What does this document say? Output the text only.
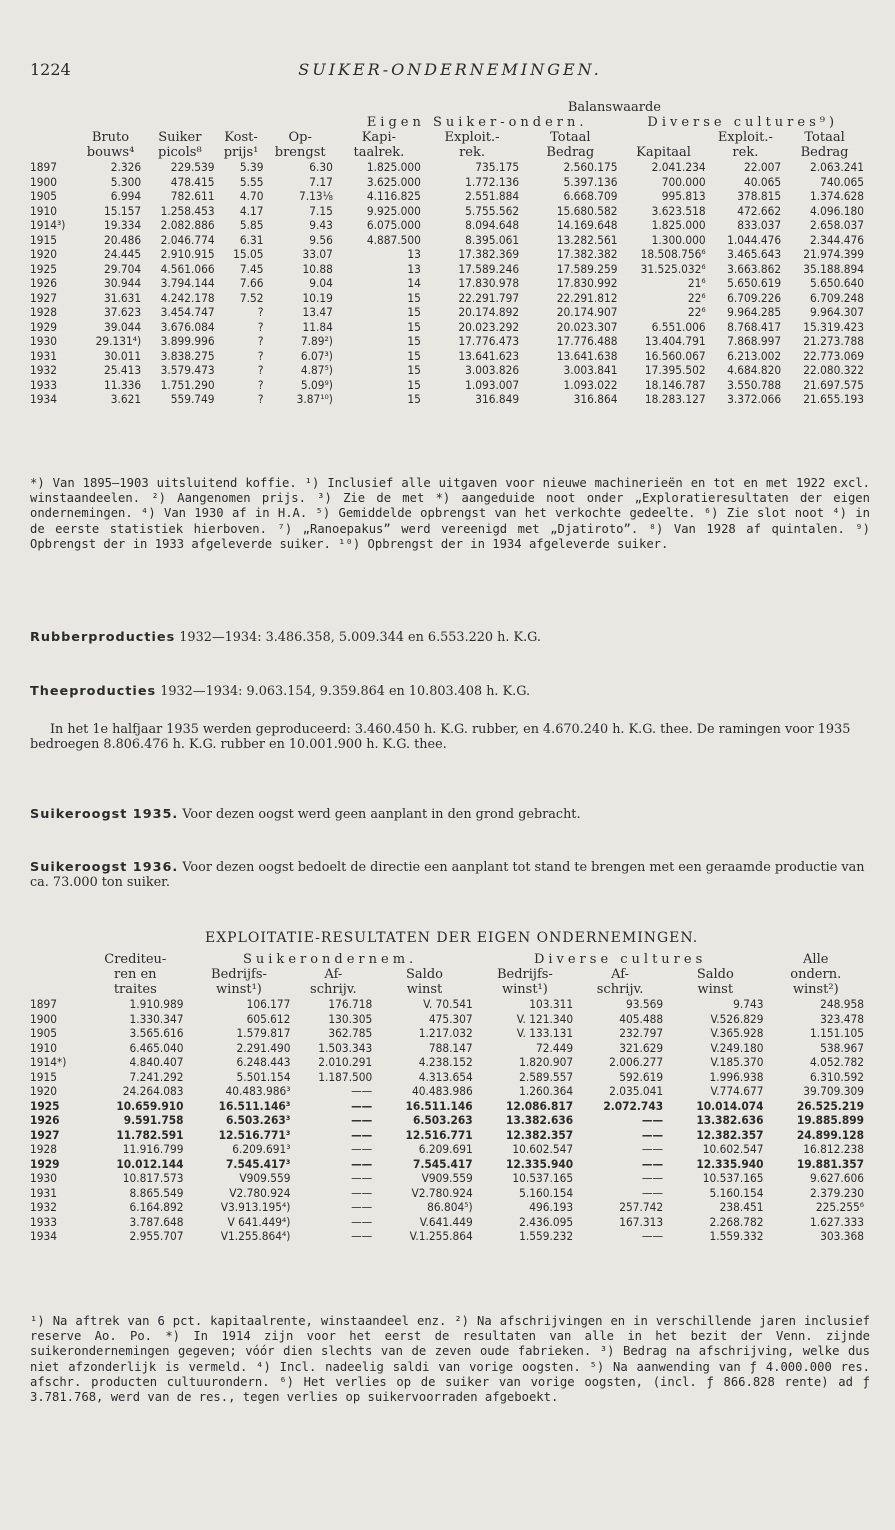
1224	SUIKER-ONDERNEMINGEN.
							Balanswaarde			
					Eigen Suiker-ondern.			Diverse cultures⁹)		
	Bruto	Suiker	Kost-	Op-	Kapi-	Exploit.-	Totaal		Exploit.-	Totaal
	bouws⁴	picols⁸	prijs¹	brengst	taalrek.	rek.	Bedrag	Kapitaal	rek.	Bedrag
1897	2.326	229.539	5.39	6.30	1.825.000	735.175	2.560.175	2.041.234	22.007	2.063.241
1900	5.300	478.415	5.55	7.17	3.625.000	1.772.136	5.397.136	700.000	40.065	740.065
1905	6.994	782.611	4.70	7.13⅛	4.116.825	2.551.884	6.668.709	995.813	378.815	1.374.628
1910	15.157	1.258.453	4.17	7.15	9.925.000	5.755.562	15.680.582	3.623.518	472.662	4.096.180
1914³)	19.334	2.082.886	5.85	9.43	6.075.000	8.094.648	14.169.648	1.825.000	833.037	2.658.037
1915	20.486	2.046.774	6.31	9.56	4.887.500	8.395.061	13.282.561	1.300.000	1.044.476	2.344.476
1920	24.445	2.910.915	15.05	33.07	13	17.382.369	17.382.382	18.508.756⁶	3.465.643	21.974.399
1925	29.704	4.561.066	7.45	10.88	13	17.589.246	17.589.259	31.525.032⁶	3.663.862	35.188.894
1926	30.944	3.794.144	7.66	9.04	14	17.830.978	17.830.992	21⁶	5.650.619	5.650.640
1927	31.631	4.242.178	7.52	10.19	15	22.291.797	22.291.812	22⁶	6.709.226	6.709.248
1928	37.623	3.454.747	?	13.47	15	20.174.892	20.174.907	22⁶	9.964.285	9.964.307
1929	39.044	3.676.084	?	11.84	15	20.023.292	20.023.307	6.551.006	8.768.417	15.319.423
1930	29.131⁴)	3.899.996	?	7.89²)	15	17.776.473	17.776.488	13.404.791	7.868.997	21.273.788
1931	30.011	3.838.275	?	6.07³)	15	13.641.623	13.641.638	16.560.067	6.213.002	22.773.069
1932	25.413	3.579.473	?	4.87⁵)	15	3.003.826	3.003.841	17.395.502	4.684.820	22.080.322
1933	11.336	1.751.290	?	5.09⁹)	15	1.093.007	1.093.022	18.146.787	3.550.788	21.697.575
1934	3.621	559.749	?	3.87¹⁰)	15	316.849	316.864	18.283.127	3.372.066	21.655.193
*) Van 1895—1903 uitsluitend koffie. ¹) Inclusief alle uitgaven voor nieuwe machinerieën en tot en met 1922 excl. winstaandeelen. ²) Aangenomen prijs. ³) Zie de met *) aangeduide noot onder „Exploratieresultaten der eigen ondernemingen. ⁴) Van 1930 af in H.A. ⁵) Gemiddelde opbrengst van het verkochte gedeelte. ⁶) Zie slot noot ⁴) in de eerste statistiek hierboven. ⁷) „Ranoepakus” werd vereenigd met „Djatiroto”. ⁸) Van 1928 af quintalen. ⁹) Opbrengst der in 1933 afgeleverde suiker. ¹⁰) Opbrengst der in 1934 afgeleverde suiker.
Rubberproducties 1932—1934: 3.486.358, 5.009.344 en 6.553.220 h. K.G.
Theeproducties 1932—1934: 9.063.154, 9.359.864 en 10.803.408 h. K.G.
In het 1e halfjaar 1935 werden geproduceerd: 3.460.450 h. K.G. rubber, en 4.670.240 h. K.G. thee. De ramingen voor 1935 bedroegen 8.806.476 h. K.G. rubber en 10.001.900 h. K.G. thee.
Suikeroogst 1935. Voor dezen oogst werd geen aanplant in den grond gebracht.
Suikeroogst 1936. Voor dezen oogst bedoelt de directie een aanplant tot stand te brengen met een geraamde productie van ca. 73.000 ton suiker.
EXPLOITATIE-RESULTATEN DER EIGEN ONDERNEMINGEN.
	Crediteu-	Suikerondernem.			Diverse cultures			Alle
	ren en	Bedrijfs-	Af-	Saldo	Bedrijfs-	Af-	Saldo	ondern.
	traites	winst¹)	schrijv.	winst	winst¹)	schrijv.	winst	winst²)
1897	1.910.989	106.177	176.718	V. 70.541	103.311	93.569	9.743	248.958
1900	1.330.347	605.612	130.305	475.307	V. 121.340	405.488	V.526.829	323.478
1905	3.565.616	1.579.817	362.785	1.217.032	V. 133.131	232.797	V.365.928	1.151.105
1910	6.465.040	2.291.490	1.503.343	788.147	72.449	321.629	V.249.180	538.967
1914*)	4.840.407	6.248.443	2.010.291	4.238.152	1.820.907	2.006.277	V.185.370	4.052.782
1915	7.241.292	5.501.154	1.187.500	4.313.654	2.589.557	592.619	1.996.938	6.310.592
1920	24.264.083	40.483.986³	——	40.483.986	1.260.364	2.035.041	V.774.677	39.709.309
1925	10.659.910	16.511.146³	——	16.511.146	12.086.817	2.072.743	10.014.074	26.525.219
1926	9.591.758	6.503.263³	——	6.503.263	13.382.636	——	13.382.636	19.885.899
1927	11.782.591	12.516.771³	——	12.516.771	12.382.357	——	12.382.357	24.899.128
1928	11.916.799	6.209.691³	——	6.209.691	10.602.547	——	10.602.547	16.812.238
1929	10.012.144	7.545.417³	——	7.545.417	12.335.940	——	12.335.940	19.881.357
1930	10.817.573	V909.559	——	V909.559	10.537.165	——	10.537.165	9.627.606
1931	8.865.549	V2.780.924	——	V2.780.924	5.160.154	——	5.160.154	2.379.230
1932	6.164.892	V3.913.195⁴)	——	86.804⁵)	496.193	257.742	238.451	225.255⁶
1933	3.787.648	V 641.449⁴)	——	V.641.449	2.436.095	167.313	2.268.782	1.627.333
1934	2.955.707	V1.255.864⁴)	——	V.1.255.864	1.559.232	——	1.559.332	303.368
¹) Na aftrek van 6 pct. kapitaalrente, winstaandeel enz. ²) Na afschrijvingen en in verschillende jaren inclusief reserve Ao. Po. *) In 1914 zijn voor het eerst de resultaten van alle in het bezit der Venn. zijnde suikerondernemingen gegeven; vóór dien slechts van de zeven oude fabrieken. ³) Bedrag na afschrijving, welke dus niet afzonderlijk is vermeld. ⁴) Incl. nadeelig saldi van vorige oogsten. ⁵) Na aanwending van ƒ 4.000.000 res. afschr. producten cultuurondern. ⁶) Het verlies op de suiker van vorige oogsten, (incl. ƒ 866.828 rente) ad ƒ 3.781.768, werd van de res., tegen verlies op suikervoorraden afgeboekt.
